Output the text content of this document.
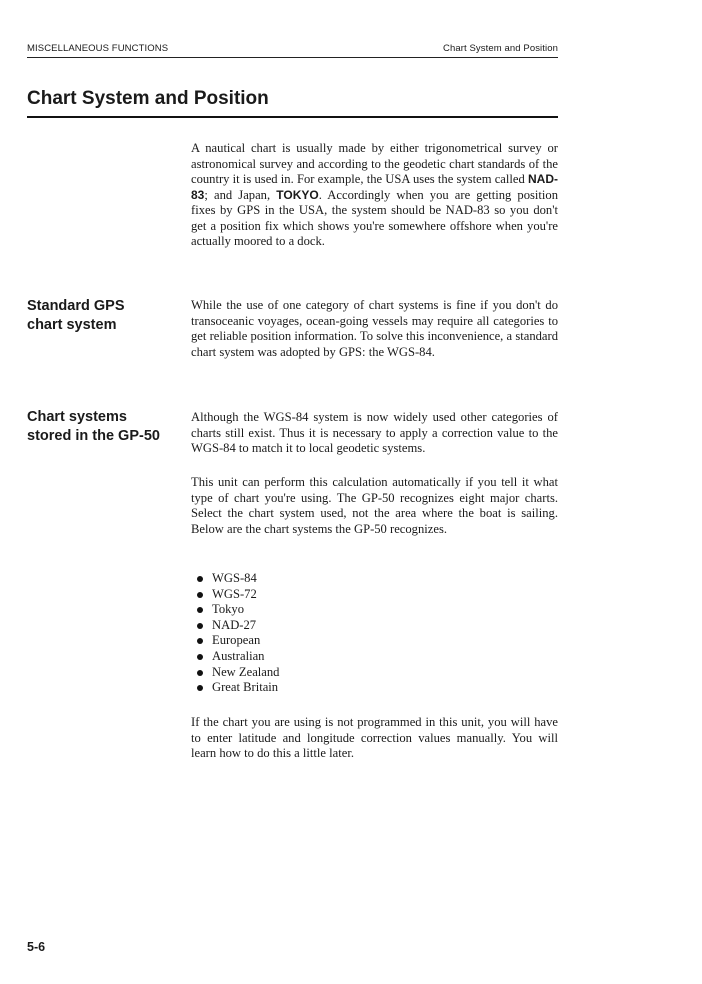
MISCELLANEOUS FUNCTIONS	Chart System and Position
Chart System and Position
A nautical chart is usually made by either trigonometrical survey or astronomical survey and according to the geodetic chart standards of the country it is used in. For example, the USA uses the system called NAD-83; and Japan, TOKYO. Accordingly when you are getting position fixes by GPS in the USA, the system should be NAD-83 so you don't get a position fix which shows you're somewhere offshore when you're actually moored to a dock.
Standard GPS
chart system
While the use of one category of chart systems is fine if you don't do transoceanic voyages, ocean-going vessels may require all categories to get reliable position information. To solve this inconvenience, a standard chart system was adopted by GPS: the WGS-84.
Chart systems
stored in the GP-50
Although the WGS-84 system is now widely used other categories of charts still exist. Thus it is necessary to apply a correction value to the WGS-84 to match it to local geodetic systems.
This unit can perform this calculation automatically if you tell it what type of chart you're using. The GP-50 recognizes eight major charts. Select the chart system used, not the area where the boat is sailing. Below are the chart systems the GP-50 recognizes.
WGS-84
WGS-72
Tokyo
NAD-27
European
Australian
New Zealand
Great Britain
If the chart you are using is not programmed in this unit, you will have to enter latitude and longitude correction values manually. You will learn how to do this a little later.
5-6
